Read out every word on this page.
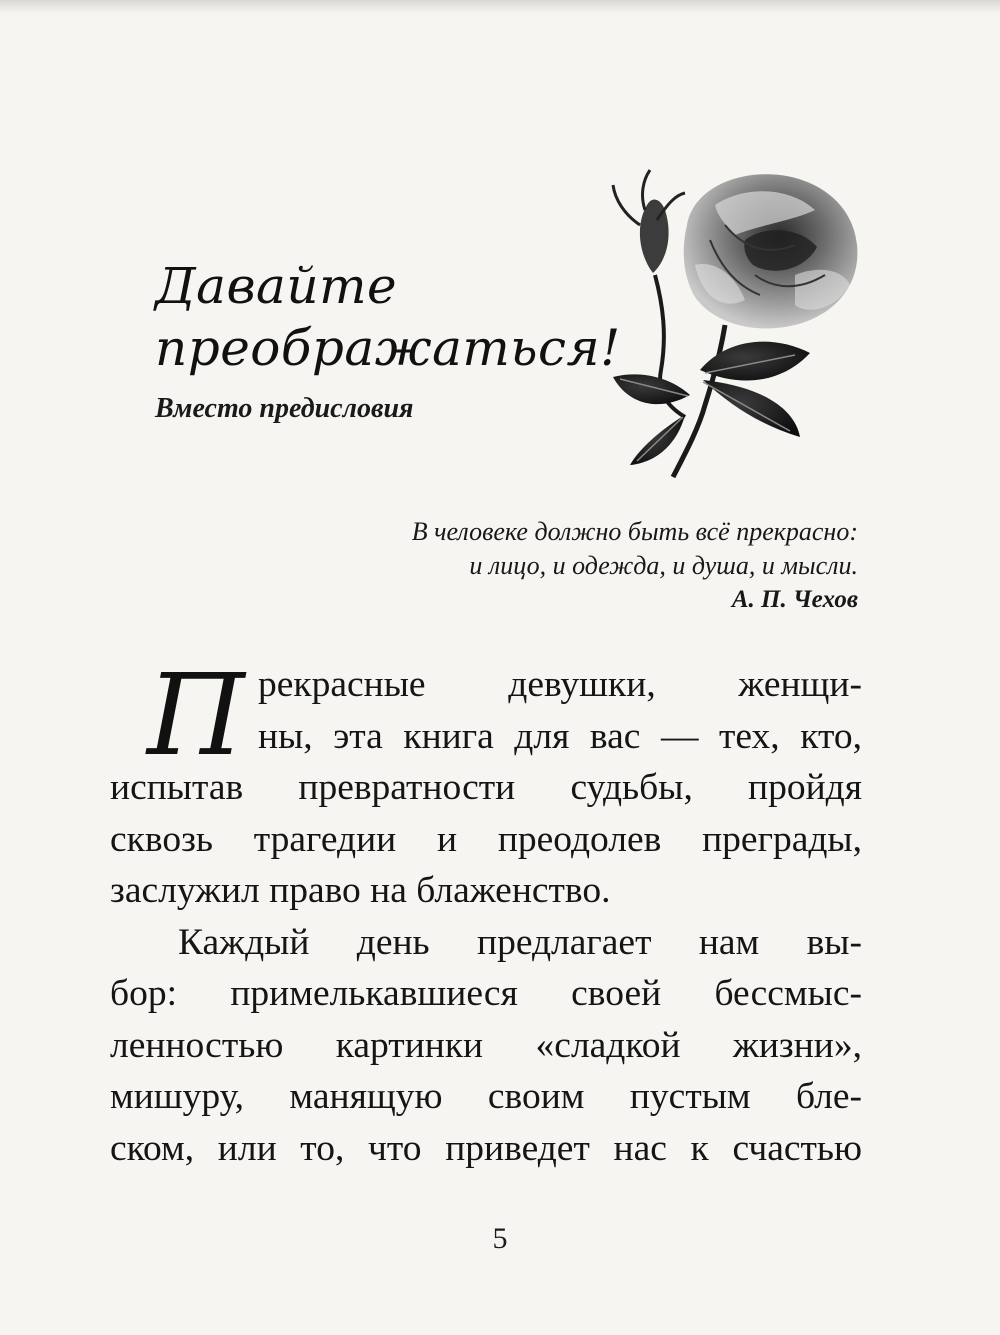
Давайте
преображаться!
Вместо предисловия
В человеке должно быть всё прекрасно:
и лицо, и одежда, и душа, и мысли.
А. П. Чехов
П рекрасные девушки, женщи-
ны, эта книга для вас — тех, кто,
испытав превратности судьбы, пройдя
сквозь трагедии и преодолев преграды,
заслужил право на блаженство.
Каждый день предлагает нам вы-
бор: примелькавшиеся своей бессмыс-
ленностью картинки «сладкой жизни»,
мишуру, манящую своим пустым бле-
ском, или то, что приведет нас к счастью
5
